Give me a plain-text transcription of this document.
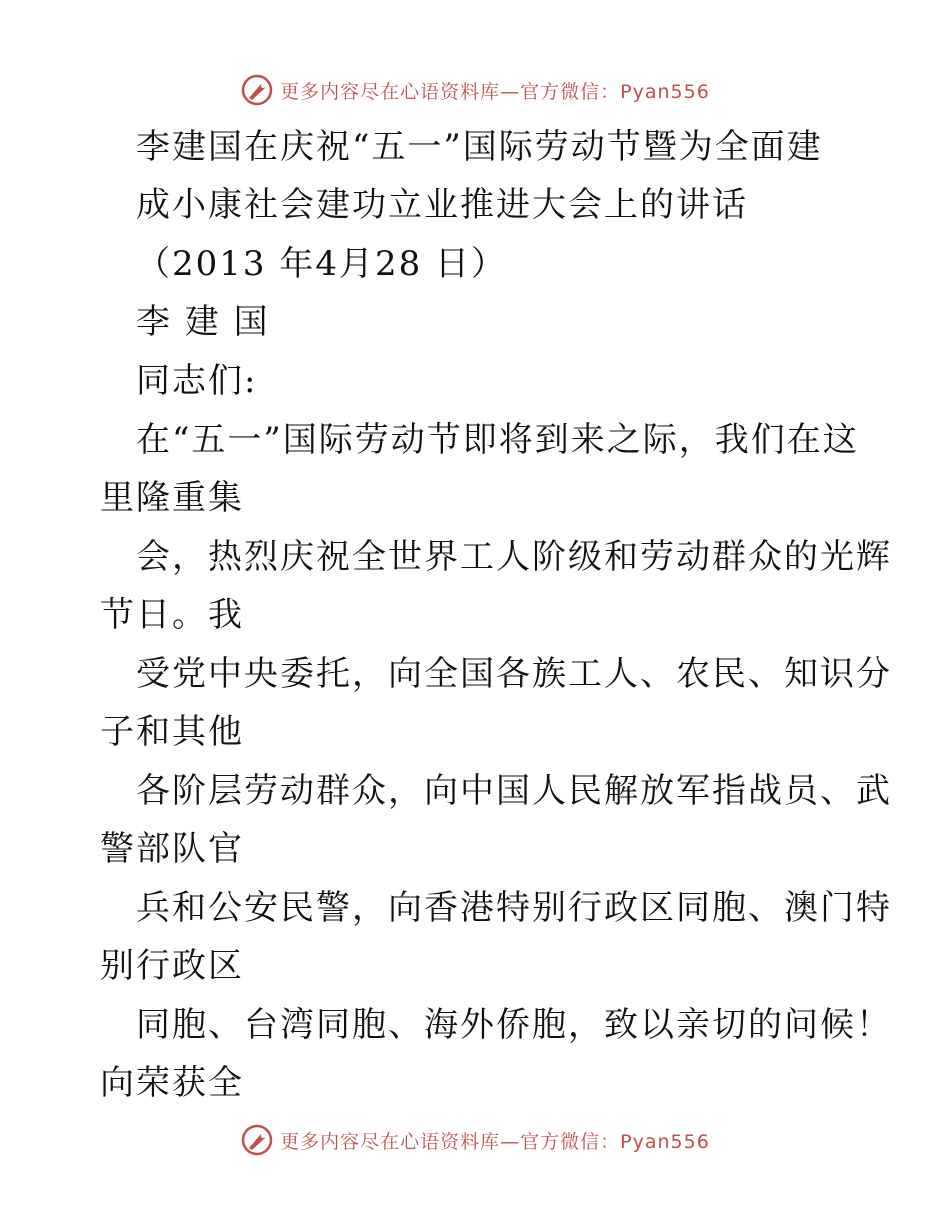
更多内容尽在心语资料库—官方微信：Pyan556
李建国在庆祝“五一”国际劳动节暨为全面建
成小康社会建功立业推进大会上的讲话
（2013 年4月28 日）
李 建 国
同志们:
在“五一”国际劳动节即将到来之际，我们在这
里隆重集
会，热烈庆祝全世界工人阶级和劳动群众的光辉
节日。我
受党中央委托，向全国各族工人、农民、知识分
子和其他
各阶层劳动群众，向中国人民解放军指战员、武
警部队官
兵和公安民警，向香港特别行政区同胞、澳门特
别行政区
同胞、台湾同胞、海外侨胞，致以亲切的问候！
向荣获全
更多内容尽在心语资料库—官方微信：Pyan556
